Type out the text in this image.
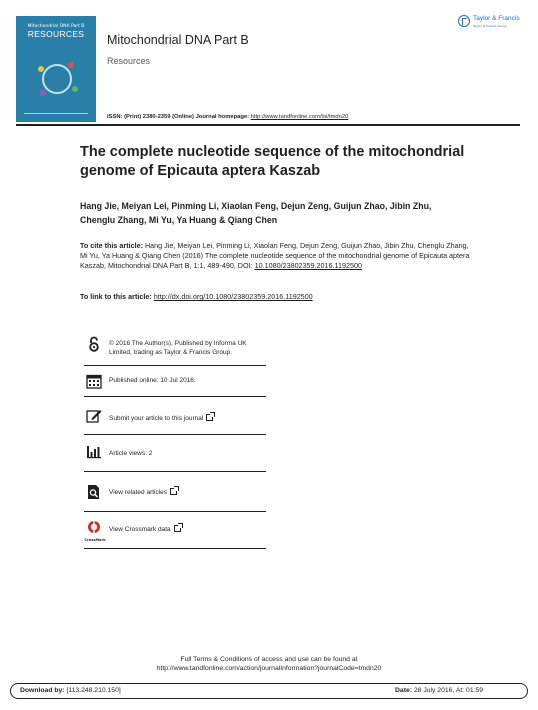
Mitochondrial DNA Part B
RESOURCES	Mitochondrial DNA Part B
Resources
Taylor & Francis
Taylor & Francis Group
ISSN: (Print) 2380-2359 (Online) Journal homepage: http://www.tandfonline.com/loi/tmdn20
The complete nucleotide sequence of the mitochondrial genome of Epicauta aptera Kaszab
Hang Jie, Meiyan Lei, Pinming Li, Xiaolan Feng, Dejun Zeng, Guijun Zhao, Jibin Zhu, Chenglu Zhang, Mi Yu, Ya Huang & Qiang Chen
To cite this article: Hang Jie, Meiyan Lei, Pinming Li, Xiaolan Feng, Dejun Zeng, Guijun Zhao, Jibin Zhu, Chenglu Zhang, Mi Yu, Ya Huang & Qiang Chen (2016) The complete nucleotide sequence of the mitochondrial genome of Epicauta aptera Kaszab, Mitochondrial DNA Part B, 1:1, 489-490, DOI: 10.1080/23802359.2016.1192500
To link to this article: http://dx.doi.org/10.1080/23802359.2016.1192500
© 2016 The Author(s). Published by Informa UK Limited, trading as Taylor & Francis Group.
Published online: 10 Jul 2016.
Submit your article to this journal
Article views: 2
View related articles
CrossMark
View Crossmark data
Full Terms & Conditions of access and use can be found at
http://www.tandfonline.com/action/journalInformation?journalCode=tmdn20
Download by: [113.248.210.150]	Date: 28 July 2016, At: 01:59
